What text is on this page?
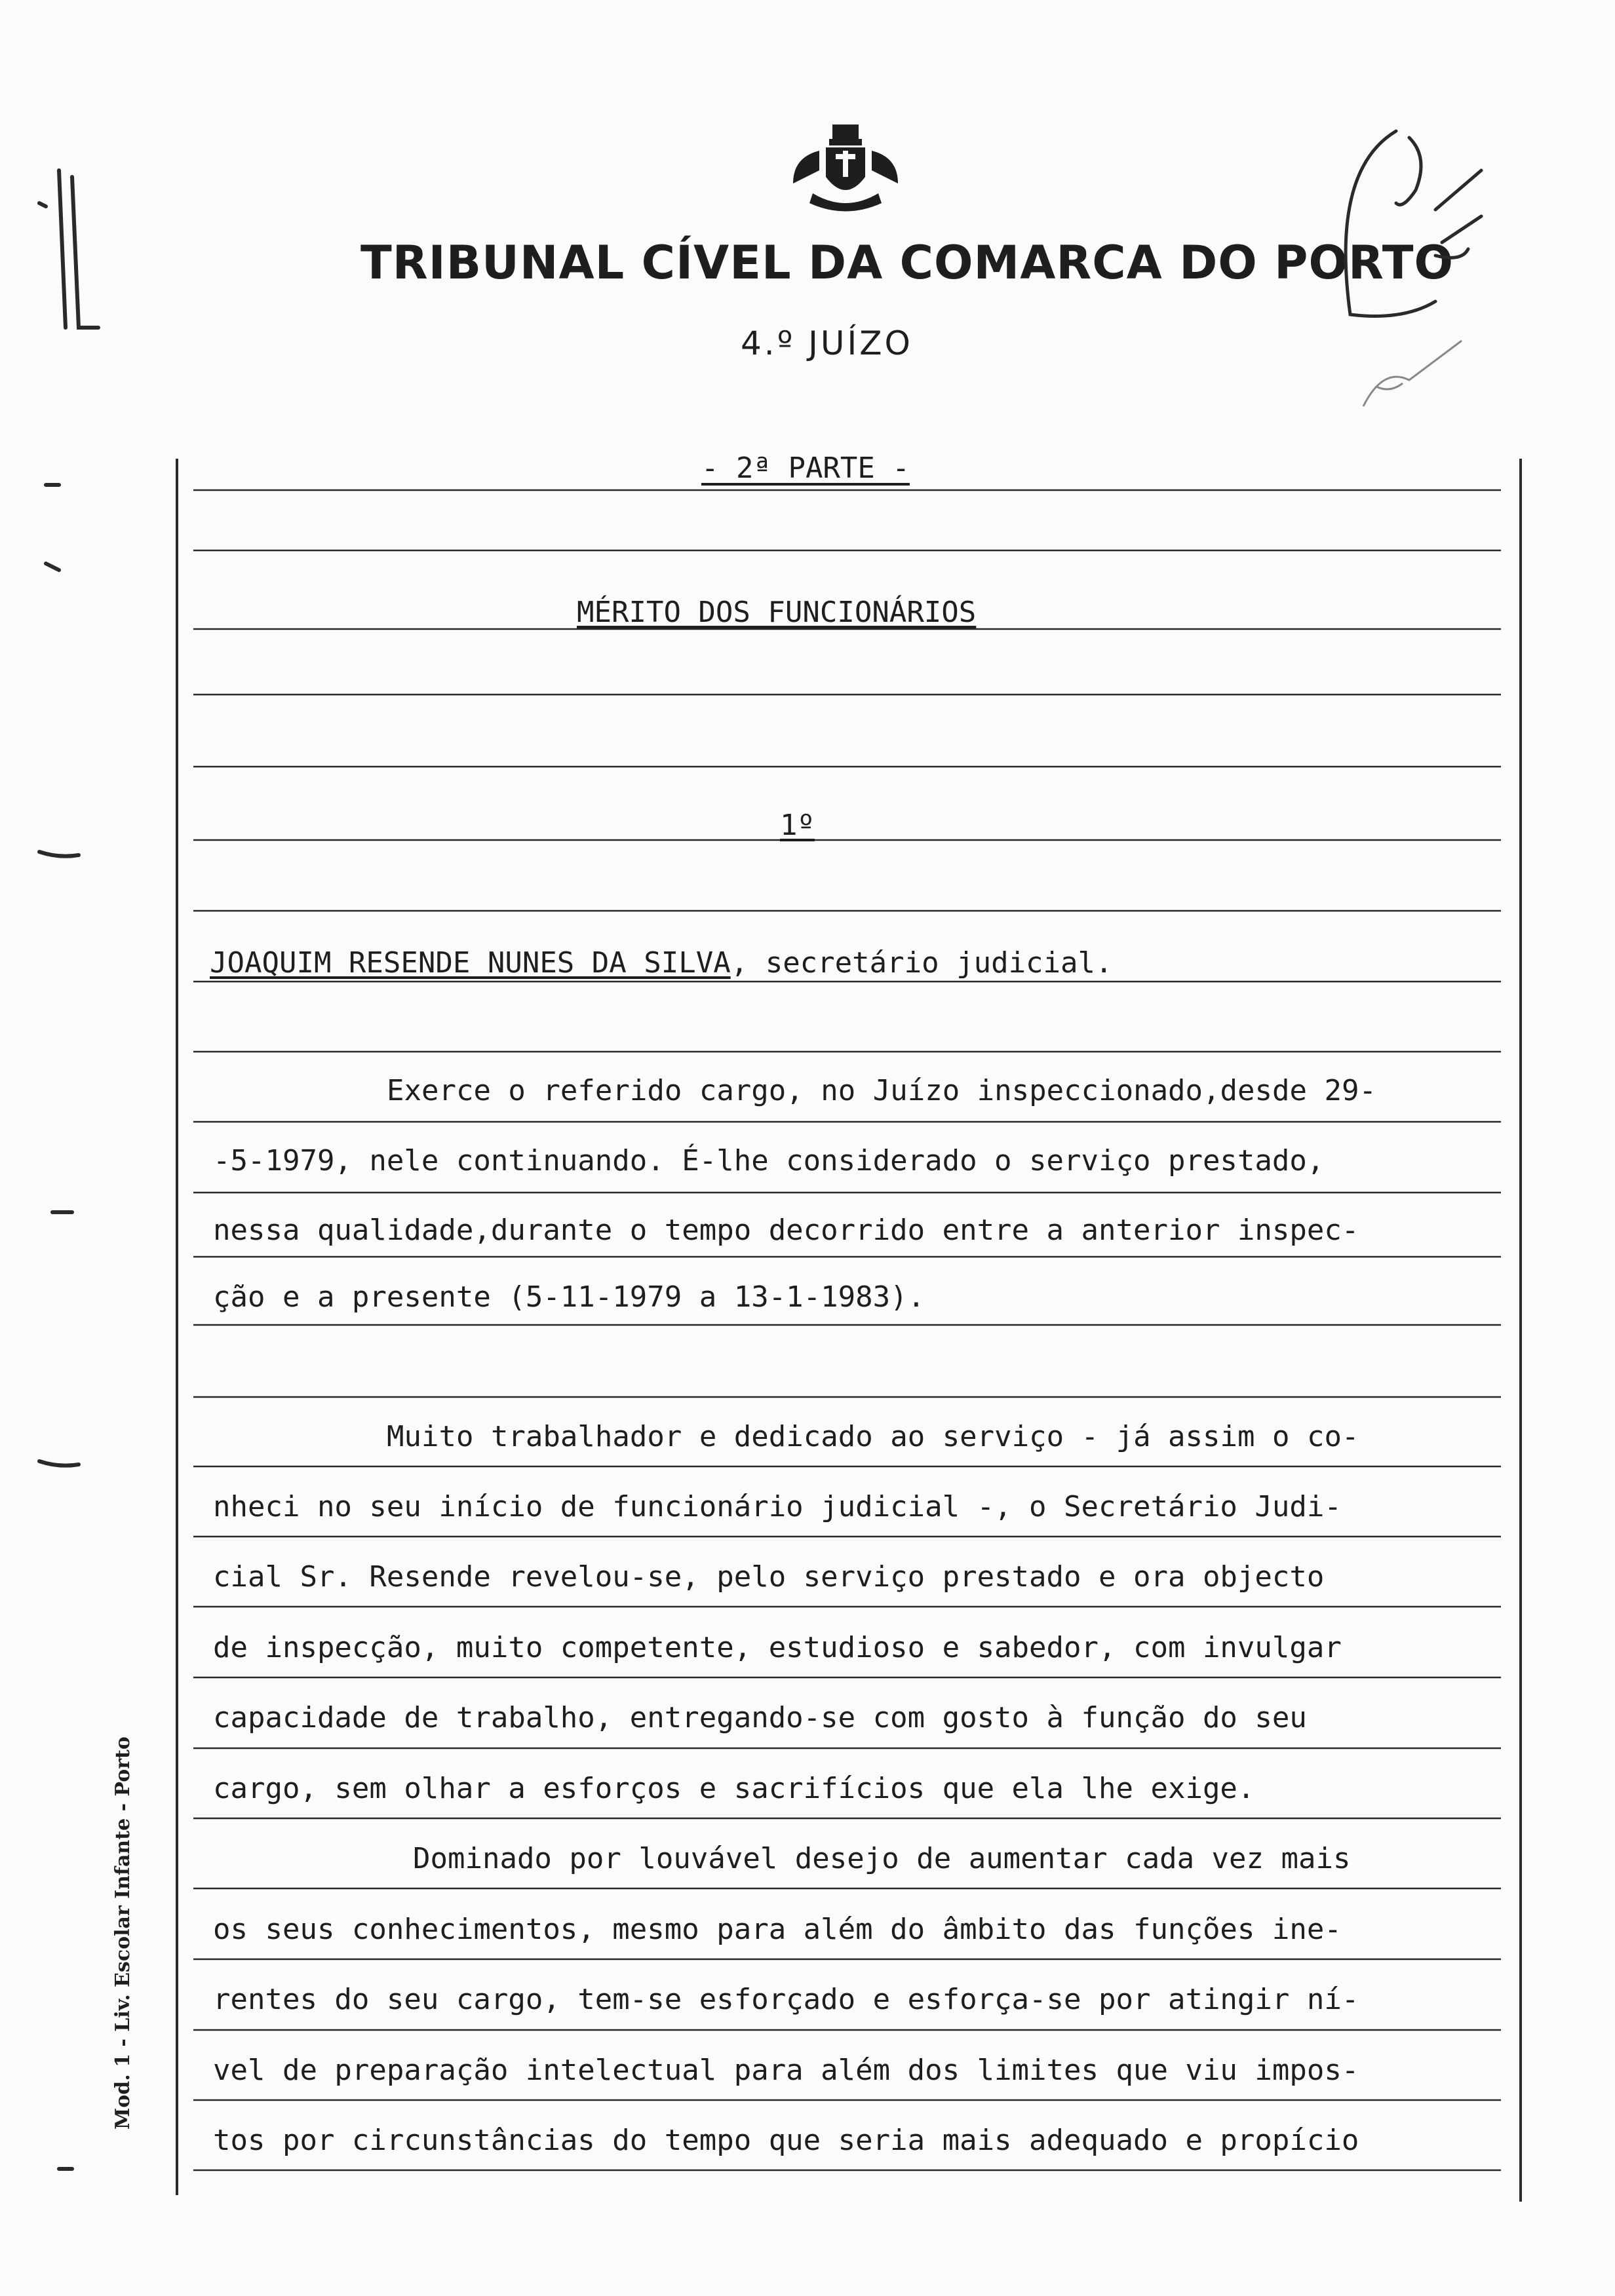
TRIBUNAL CÍVEL DA COMARCA DO PORTO
4.º JUÍZO
- 2ª PARTE -
MÉRITO DOS FUNCIONÁRIOS
1º
JOAQUIM RESENDE NUNES DA SILVA, secretário judicial.
Exerce o referido cargo, no Juízo inspeccionado,desde 29-
-5-1979, nele continuando. É-lhe considerado o serviço prestado,
nessa qualidade,durante o tempo decorrido entre a anterior inspec-
ção e a presente (5-11-1979 a 13-1-1983).
Muito trabalhador e dedicado ao serviço - já assim o co-
nheci no seu início de funcionário judicial -, o Secretário Judi-
cial Sr. Resende revelou-se, pelo serviço prestado e ora objecto
de inspecção, muito competente, estudioso e sabedor, com invulgar
capacidade de trabalho, entregando-se com gosto à função do seu
cargo, sem olhar a esforços e sacrifícios que ela lhe exige.
Dominado por louvável desejo de aumentar cada vez mais
os seus conhecimentos, mesmo para além do âmbito das funções ine-
rentes do seu cargo, tem-se esforçado e esforça-se por atingir ní-
vel de preparação intelectual para além dos limites que viu impos-
tos por circunstâncias do tempo que seria mais adequado e propício
Mod. 1 - Liv. Escolar Infante - Porto
